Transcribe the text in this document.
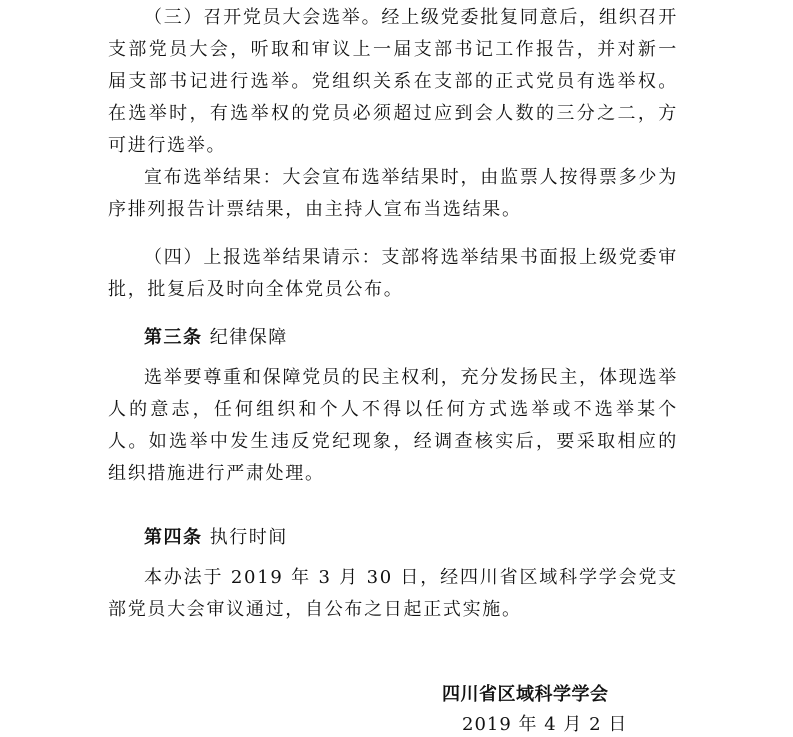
（三）召开党员大会选举。经上级党委批复同意后，组织召开支部党员大会，听取和审议上一届支部书记工作报告，并对新一届支部书记进行选举。党组织关系在支部的正式党员有选举权。在选举时，有选举权的党员必须超过应到会人数的三分之二，方可进行选举。

宣布选举结果：大会宣布选举结果时，由监票人按得票多少为序排列报告计票结果，由主持人宣布当选结果。

（四）上报选举结果请示：支部将选举结果书面报上级党委审批，批复后及时向全体党员公布。

第三条 纪律保障

选举要尊重和保障党员的民主权利，充分发扬民主，体现选举人的意志，任何组织和个人不得以任何方式选举或不选举某个人。如选举中发生违反党纪现象，经调查核实后，要采取相应的组织措施进行严肃处理。

第四条 执行时间

本办法于 2019 年 3 月 30 日，经四川省区域科学学会党支部党员大会审议通过，自公布之日起正式实施。

四川省区域科学学会

2019 年 4 月 2 日
